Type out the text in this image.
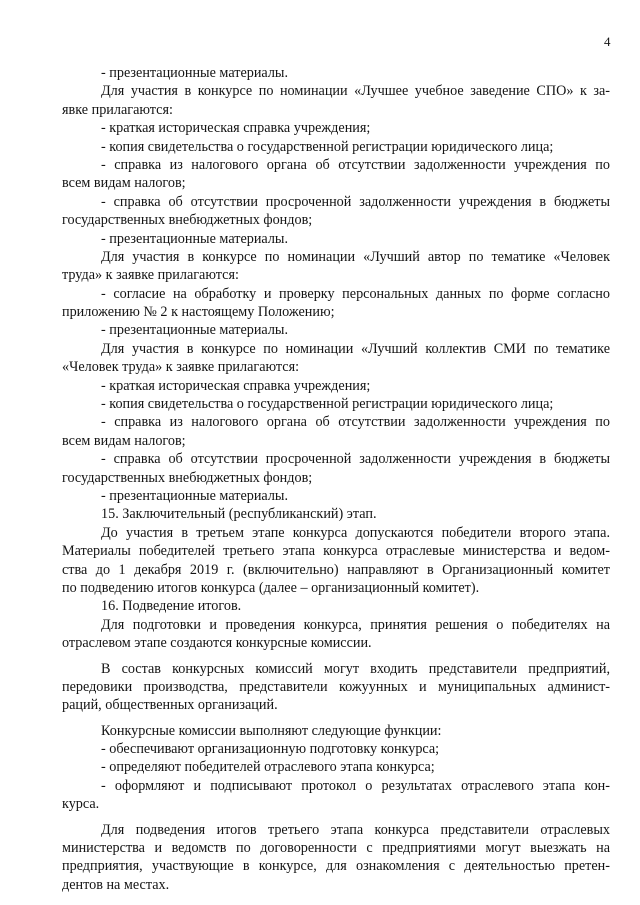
4
- презентационные материалы.
Для участия в конкурсе по номинации «Лучшее учебное заведение СПО» к за-
явке прилагаются:
- краткая историческая справка учреждения;
- копия свидетельства о государственной регистрации юридического лица;
- справка из налогового органа об отсутствии задолженности учреждения по
всем видам налогов;
- справка об отсутствии просроченной задолженности учреждения в бюджеты
государственных внебюджетных фондов;
- презентационные материалы.
Для участия в конкурсе по номинации «Лучший автор по тематике «Человек
труда» к заявке прилагаются:
- согласие на обработку и проверку персональных данных по форме согласно
приложению № 2 к настоящему Положению;
- презентационные материалы.
Для участия в конкурсе по номинации «Лучший коллектив СМИ по тематике
«Человек труда» к заявке прилагаются:
- краткая историческая справка учреждения;
- копия свидетельства о государственной регистрации юридического лица;
- справка из налогового органа об отсутствии задолженности учреждения по
всем видам налогов;
- справка об отсутствии просроченной задолженности учреждения в бюджеты
государственных внебюджетных фондов;
- презентационные материалы.
15. Заключительный (республиканский) этап.
До участия в третьем этапе конкурса допускаются победители второго этапа.
Материалы победителей третьего этапа конкурса отраслевые министерства и ведом-
ства до 1 декабря 2019 г. (включительно) направляют в Организационный комитет
по подведению итогов конкурса (далее – организационный комитет).
16. Подведение итогов.
Для подготовки и проведения конкурса, принятия решения о победителях на
отраслевом этапе создаются конкурсные комиссии.
В состав конкурсных комиссий могут входить представители предприятий,
передовики производства, представители кожуунных и муниципальных админист-
раций, общественных организаций.
Конкурсные комиссии выполняют следующие функции:
- обеспечивают организационную подготовку конкурса;
- определяют победителей отраслевого этапа конкурса;
- оформляют и подписывают протокол о результатах отраслевого этапа кон-
курса.
Для подведения итогов третьего этапа конкурса представители отраслевых
министерства и ведомств по договоренности с предприятиями могут выезжать на
предприятия, участвующие в конкурсе, для ознакомления с деятельностью претен-
дентов на местах.
